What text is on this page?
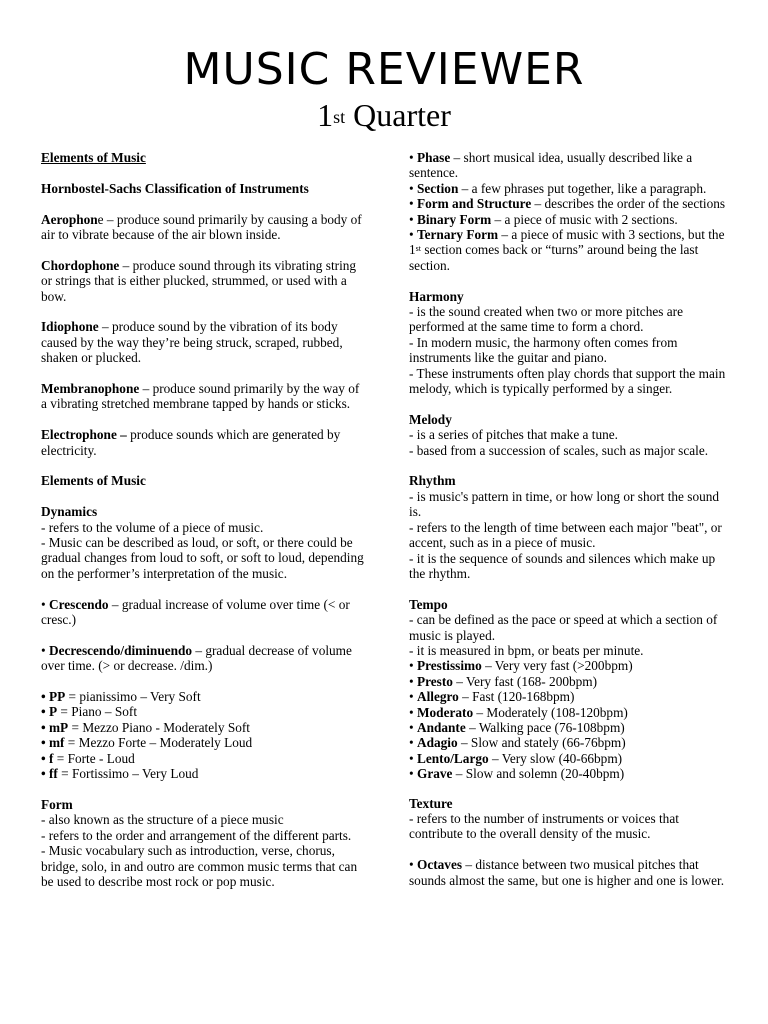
MUSIC REVIEWER
1st Quarter
Elements of Music
Hornbostel-Sachs Classification of Instruments
Aerophone – produce sound primarily by causing a body of air to vibrate because of the air blown inside.
Chordophone – produce sound through its vibrating string or strings that is either plucked, strummed, or used with a bow.
Idiophone – produce sound by the vibration of its body caused by the way they’re being struck, scraped, rubbed, shaken or plucked.
Membranophone – produce sound primarily by the way of a vibrating stretched membrane tapped by hands or sticks.
Electrophone – produce sounds which are generated by electricity.
Elements of Music
Dynamics
- refers to the volume of a piece of music.
- Music can be described as loud, or soft, or there could be gradual changes from loud to soft, or soft to loud, depending on the performer’s interpretation of the music.
• Crescendo – gradual increase of volume over time (< or cresc.)
• Decrescendo/diminuendo – gradual decrease of volume over time. (> or decrease. /dim.)
• PP = pianissimo – Very Soft
• P = Piano – Soft
• mP = Mezzo Piano - Moderately Soft
• mf = Mezzo Forte – Moderately Loud
• f = Forte - Loud
• ff = Fortissimo – Very Loud
Form
- also known as the structure of a piece music
- refers to the order and arrangement of the different parts.
- Music vocabulary such as introduction, verse, chorus, bridge, solo, in and outro are common music terms that can be used to describe most rock or pop music.
• Phase – short musical idea, usually described like a sentence.
• Section – a few phrases put together, like a paragraph.
• Form and Structure – describes the order of the sections
• Binary Form – a piece of music with 2 sections.
• Ternary Form – a piece of music with 3 sections, but the 1st section comes back or “turns” around being the last section.
Harmony
- is the sound created when two or more pitches are performed at the same time to form a chord.
- In modern music, the harmony often comes from instruments like the guitar and piano.
- These instruments often play chords that support the main melody, which is typically performed by a singer.
Melody
- is a series of pitches that make a tune.
- based from a succession of scales, such as major scale.
Rhythm
- is music's pattern in time, or how long or short the sound is.
- refers to the length of time between each major "beat", or accent, such as in a piece of music.
- it is the sequence of sounds and silences which make up the rhythm.
Tempo
- can be defined as the pace or speed at which a section of music is played.
- it is measured in bpm, or beats per minute.
• Prestissimo – Very very fast (>200bpm)
• Presto – Very fast (168- 200bpm)
• Allegro – Fast (120-168bpm)
• Moderato – Moderately (108-120bpm)
• Andante – Walking pace (76-108bpm)
• Adagio – Slow and stately (66-76bpm)
• Lento/Largo – Very slow (40-66bpm)
• Grave – Slow and solemn (20-40bpm)
Texture
- refers to the number of instruments or voices that contribute to the overall density of the music.
• Octaves – distance between two musical pitches that sounds almost the same, but one is higher and one is lower.
